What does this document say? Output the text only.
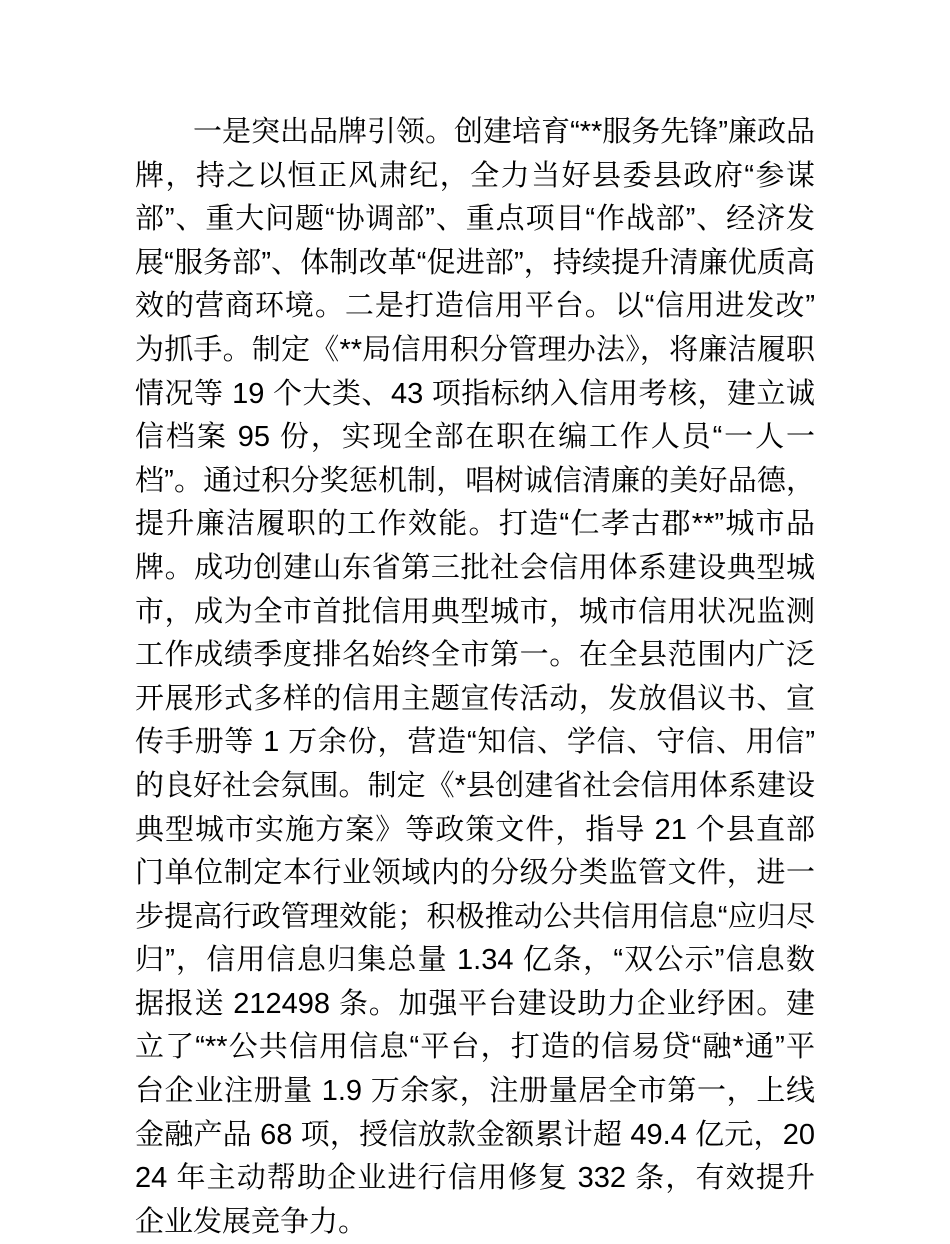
一是突出品牌引领。创建培育“**服务先锋”廉政品牌，持之以恒正风肃纪，全力当好县委县政府“参谋部”、重大问题“协调部”、重点项目“作战部”、经济发展“服务部”、体制改革“促进部”，持续提升清廉优质高效的营商环境。二是打造信用平台。以“信用进发改”为抓手。制定《**局信用积分管理办法》，将廉洁履职情况等 19 个大类、43 项指标纳入信用考核，建立诚信档案 95 份，实现全部在职在编工作人员“一人一档”。通过积分奖惩机制，唱树诚信清廉的美好品德，提升廉洁履职的工作效能。打造“仁孝古郡**”城市品牌。成功创建山东省第三批社会信用体系建设典型城市，成为全市首批信用典型城市，城市信用状况监测工作成绩季度排名始终全市第一。在全县范围内广泛开展形式多样的信用主题宣传活动，发放倡议书、宣传手册等 1 万余份，营造“知信、学信、守信、用信”的良好社会氛围。制定《*县创建省社会信用体系建设典型城市实施方案》等政策文件，指导 21 个县直部门单位制定本行业领域内的分级分类监管文件，进一步提高行政管理效能；积极推动公共信用信息“应归尽归”，信用信息归集总量 1.34 亿条，“双公示”信息数据报送 212498 条。加强平台建设助力企业纾困。建立了“**公共信用信息“平台，打造的信易贷“融*通”平台企业注册量 1.9 万余家，注册量居全市第一，上线金融产品 68 项，授信放款金额累计超 49.4 亿元，2024 年主动帮助企业进行信用修复 332 条，有效提升企业发展竞争力。
